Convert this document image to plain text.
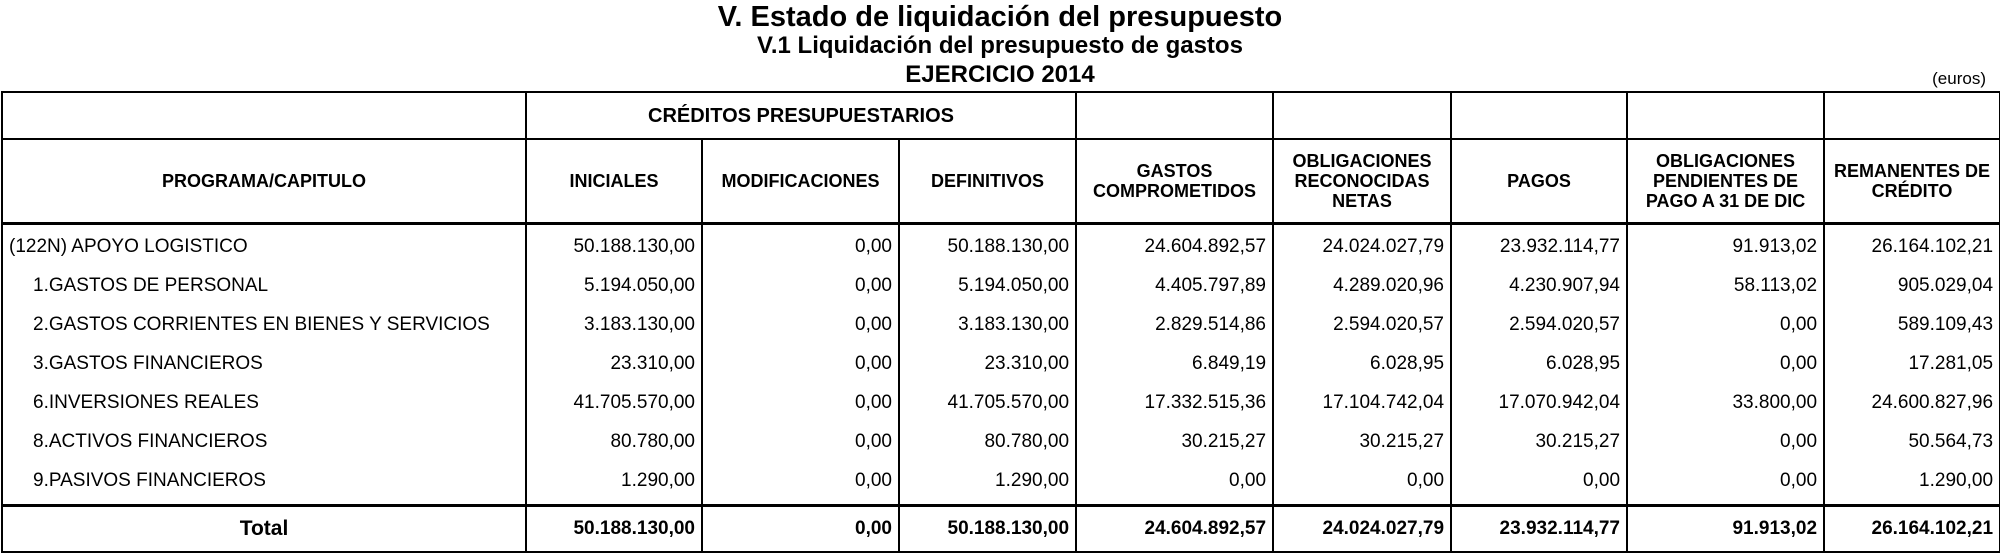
V. Estado de liquidación del presupuesto
V.1 Liquidación del presupuesto de gastos
EJERCICIO 2014	(euros)
	CRÉDITOS PRESUPUESTARIOS							
PROGRAMA/CAPITULO	INICIALES	MODIFICACIONES	DEFINITIVOS	GASTOS COMPROMETIDOS	OBLIGACIONES RECONOCIDAS NETAS	PAGOS	OBLIGACIONES PENDIENTES DE PAGO A 31 DE DIC	REMANENTES DE CRÉDITO
(122N) APOYO LOGISTICO	50.188.130,00	0,00	50.188.130,00	24.604.892,57	24.024.027,79	23.932.114,77	91.913,02	26.164.102,21
1.GASTOS DE PERSONAL	5.194.050,00	0,00	5.194.050,00	4.405.797,89	4.289.020,96	4.230.907,94	58.113,02	905.029,04
2.GASTOS CORRIENTES EN BIENES Y SERVICIOS	3.183.130,00	0,00	3.183.130,00	2.829.514,86	2.594.020,57	2.594.020,57	0,00	589.109,43
3.GASTOS FINANCIEROS	23.310,00	0,00	23.310,00	6.849,19	6.028,95	6.028,95	0,00	17.281,05
6.INVERSIONES REALES	41.705.570,00	0,00	41.705.570,00	17.332.515,36	17.104.742,04	17.070.942,04	33.800,00	24.600.827,96
8.ACTIVOS FINANCIEROS	80.780,00	0,00	80.780,00	30.215,27	30.215,27	30.215,27	0,00	50.564,73
9.PASIVOS FINANCIEROS	1.290,00	0,00	1.290,00	0,00	0,00	0,00	0,00	1.290,00
Total	50.188.130,00	0,00	50.188.130,00	24.604.892,57	24.024.027,79	23.932.114,77	91.913,02	26.164.102,21
